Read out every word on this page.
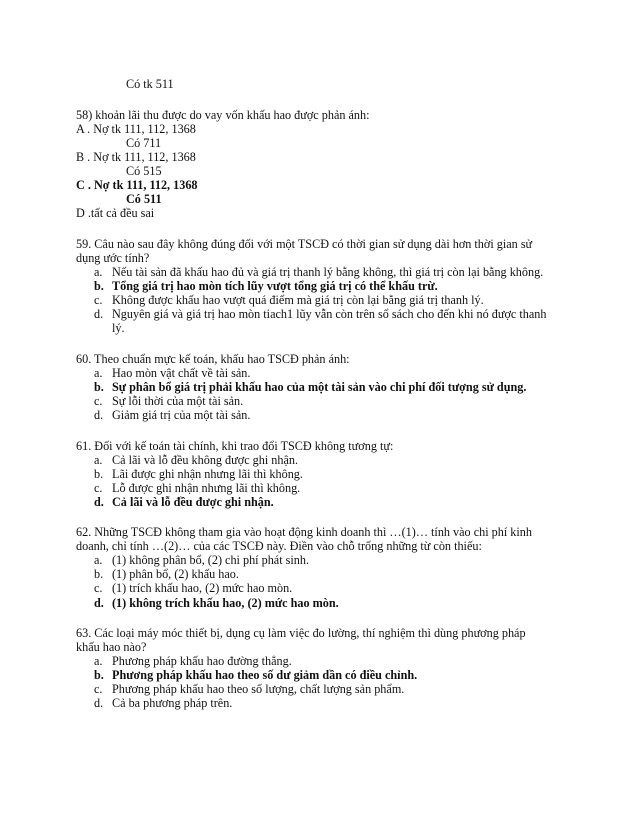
Có tk 511
58) khoản lãi thu được do vay vốn khấu hao được phản ánh:
A . Nợ tk 111, 112, 1368
Có 711
B . Nợ tk 111, 112, 1368
Có 515
C . Nợ tk 111, 112, 1368
Có 511
D .tất cả đều sai
59. Câu nào sau đây không đúng đối với một TSCĐ có thời gian sử dụng dài hơn thời gian sử
dụng ước tính?
a. Nếu tài sản đã khấu hao đủ và giá trị thanh lý bằng không, thì giá trị còn lại bằng không.
b. Tổng giá trị hao mòn tích lũy vượt tổng giá trị có thể khấu trừ.
c. Không được khấu hao vượt quá điểm mà giá trị còn lại bằng giá trị thanh lý.
d. Nguyên giá và giá trị hao mòn tiach1 lũy vẫn còn trên sổ sách cho đến khi nó được thanh
lý.
60. Theo chuẩn mực kế toán, khấu hao TSCĐ phản ánh:
a. Hao mòn vật chất về tài sản.
b. Sự phân bổ giá trị phải khấu hao của một tài sản vào chi phí đối tượng sử dụng.
c. Sự lỗi thời của một tài sản.
d. Giảm giá trị của một tài sản.
61. Đối với kế toán tài chính, khi trao đổi TSCĐ không tương tự:
a. Cả lãi và lỗ đều không được ghi nhận.
b. Lãi được ghi nhận nhưng lãi thì không.
c. Lỗ được ghi nhận nhưng lãi thì không.
d. Cả lãi và lỗ đều được ghi nhận.
62. Những TSCĐ không tham gia vào hoạt động kinh doanh thì …(1)… tính vào chi phí kinh
doanh, chỉ tính …(2)… của các TSCĐ này. Điền vào chỗ trống những từ còn thiếu:
a. (1) không phân bổ, (2) chi phí phát sinh.
b. (1) phân bổ, (2) khấu hao.
c. (1) trích khấu hao, (2) mức hao mòn.
d. (1) không trích khấu hao, (2) mức hao mòn.
63. Các loại máy móc thiết bị, dụng cụ làm việc đo lường, thí nghiệm thì dùng phương pháp
khấu hao nào?
a. Phương pháp khấu hao đường thẳng.
b. Phương pháp khấu hao theo số dư giảm dần có điều chỉnh.
c. Phương pháp khấu hao theo số lượng, chất lượng sản phẩm.
d. Cả ba phương pháp trên.
